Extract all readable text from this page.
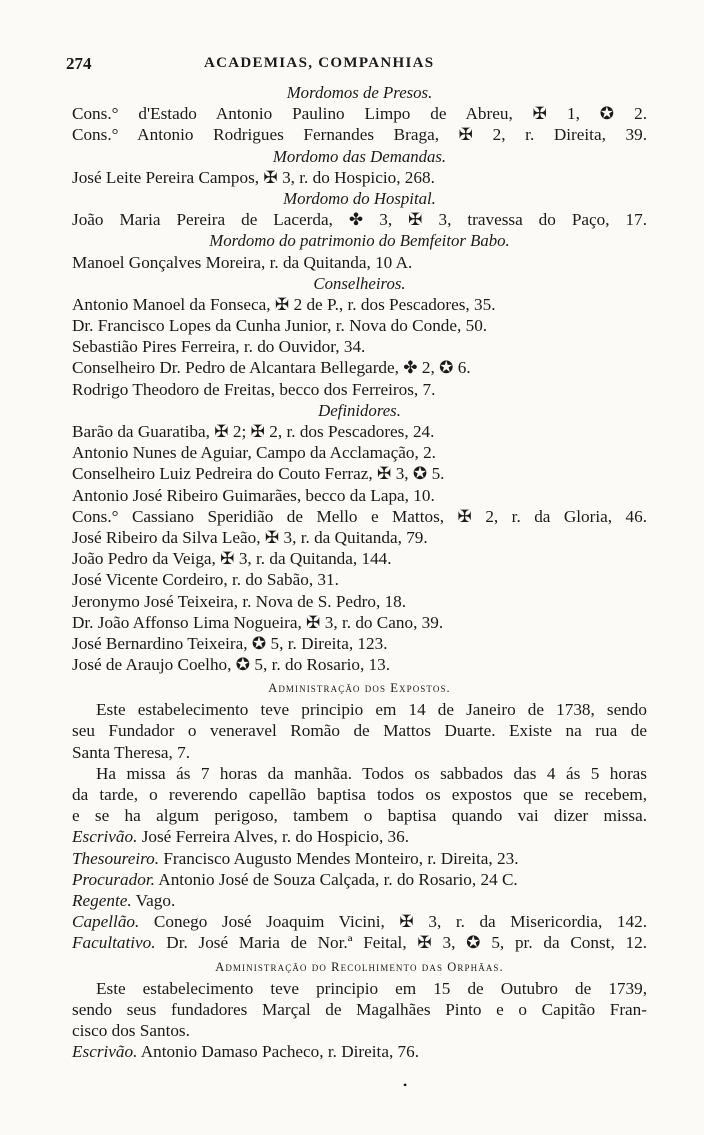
274	ACADEMIAS, COMPANHIAS
Mordomos de Presos.
Cons.° d'Estado Antonio Paulino Limpo de Abreu, ✠ 1, ✪ 2.
Cons.° Antonio Rodrigues Fernandes Braga, ✠ 2, r. Direita, 39.
Mordomo das Demandas.
José Leite Pereira Campos, ✠ 3, r. do Hospicio, 268.
Mordomo do Hospital.
João Maria Pereira de Lacerda, ✤ 3, ✠ 3, travessa do Paço, 17.
Mordomo do patrimonio do Bemfeitor Babo.
Manoel Gonçalves Moreira, r. da Quitanda, 10 A.
Conselheiros.
Antonio Manoel da Fonseca, ✠ 2 de P., r. dos Pescadores, 35.
Dr. Francisco Lopes da Cunha Junior, r. Nova do Conde, 50.
Sebastião Pires Ferreira, r. do Ouvidor, 34.
Conselheiro Dr. Pedro de Alcantara Bellegarde, ✤ 2, ✪ 6.
Rodrigo Theodoro de Freitas, becco dos Ferreiros, 7.
Definidores.
Barão da Guaratiba, ✠ 2; ✠ 2, r. dos Pescadores, 24.
Antonio Nunes de Aguiar, Campo da Acclamação, 2.
Conselheiro Luiz Pedreira do Couto Ferraz, ✠ 3, ✪ 5.
Antonio José Ribeiro Guimarães, becco da Lapa, 10.
Cons.° Cassiano Speridião de Mello e Mattos, ✠ 2, r. da Gloria, 46.
José Ribeiro da Silva Leão, ✠ 3, r. da Quitanda, 79.
João Pedro da Veiga, ✠ 3, r. da Quitanda, 144.
José Vicente Cordeiro, r. do Sabão, 31.
Jeronymo José Teixeira, r. Nova de S. Pedro, 18.
Dr. João Affonso Lima Nogueira, ✠ 3, r. do Cano, 39.
José Bernardino Teixeira, ✪ 5, r. Direita, 123.
José de Araujo Coelho, ✪ 5, r. do Rosario, 13.
Administração dos Expostos.
Este estabelecimento teve principio em 14 de Janeiro de 1738, sendo
seu Fundador o veneravel Romão de Mattos Duarte. Existe na rua de
Santa Theresa, 7.
Ha missa ás 7 horas da manhãa. Todos os sabbados das 4 ás 5 horas
da tarde, o reverendo capellão baptisa todos os expostos que se recebem,
e se ha algum perigoso, tambem o baptisa quando vai dizer missa.
Escrivão. José Ferreira Alves, r. do Hospicio, 36.
Thesoureiro. Francisco Augusto Mendes Monteiro, r. Direita, 23.
Procurador. Antonio José de Souza Calçada, r. do Rosario, 24 C.
Regente. Vago.
Capellão. Conego José Joaquim Vicini, ✠ 3, r. da Misericordia, 142.
Facultativo. Dr. José Maria de Nor.ª Feital, ✠ 3, ✪ 5, pr. da Const, 12.
Administração do Recolhimento das Orphãas.
Este estabelecimento teve principio em 15 de Outubro de 1739,
sendo seus fundadores Marçal de Magalhães Pinto e o Capitão Fran-
cisco dos Santos.
Escrivão. Antonio Damaso Pacheco, r. Direita, 76.
•
